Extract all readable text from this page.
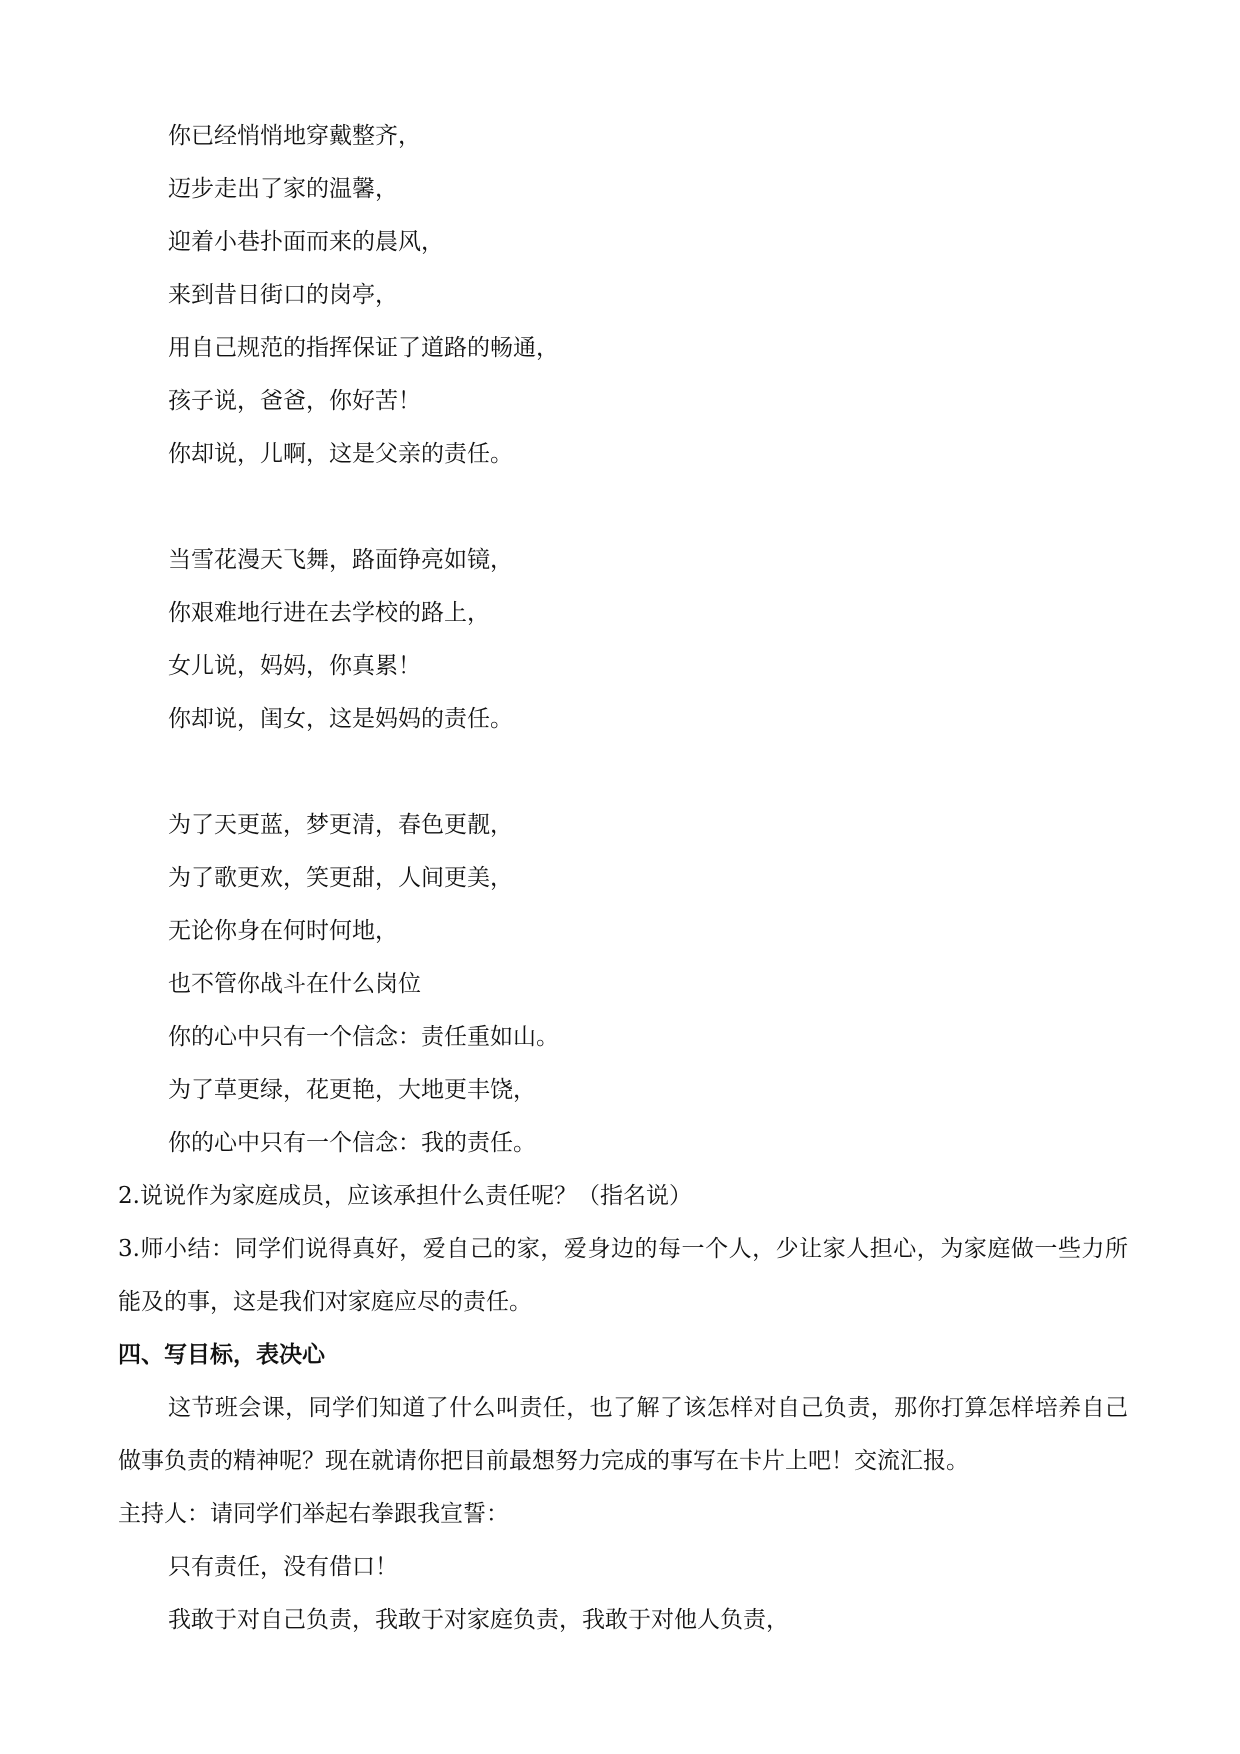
你已经悄悄地穿戴整齐，
迈步走出了家的温馨，
迎着小巷扑面而来的晨风，
来到昔日街口的岗亭，
用自己规范的指挥保证了道路的畅通，
孩子说，爸爸，你好苦！
你却说，儿啊，这是父亲的责任。
当雪花漫天飞舞，路面铮亮如镜，
你艰难地行进在去学校的路上，
女儿说，妈妈，你真累！
你却说，闺女，这是妈妈的责任。
为了天更蓝，梦更清，春色更靓，
为了歌更欢，笑更甜，人间更美，
无论你身在何时何地，
也不管你战斗在什么岗位
你的心中只有一个信念：责任重如山。
为了草更绿，花更艳，大地更丰饶，
你的心中只有一个信念：我的责任。
2.说说作为家庭成员，应该承担什么责任呢？（指名说）
3.师小结：同学们说得真好，爱自己的家，爱身边的每一个人，少让家人担心，为家庭做一些力所能及的事，这是我们对家庭应尽的责任。
四、写目标，表决心
这节班会课，同学们知道了什么叫责任，也了解了该怎样对自己负责，那你打算怎样培养自己做事负责的精神呢？现在就请你把目前最想努力完成的事写在卡片上吧！交流汇报。
主持人：请同学们举起右拳跟我宣誓：
只有责任，没有借口！
我敢于对自己负责，我敢于对家庭负责，我敢于对他人负责，
